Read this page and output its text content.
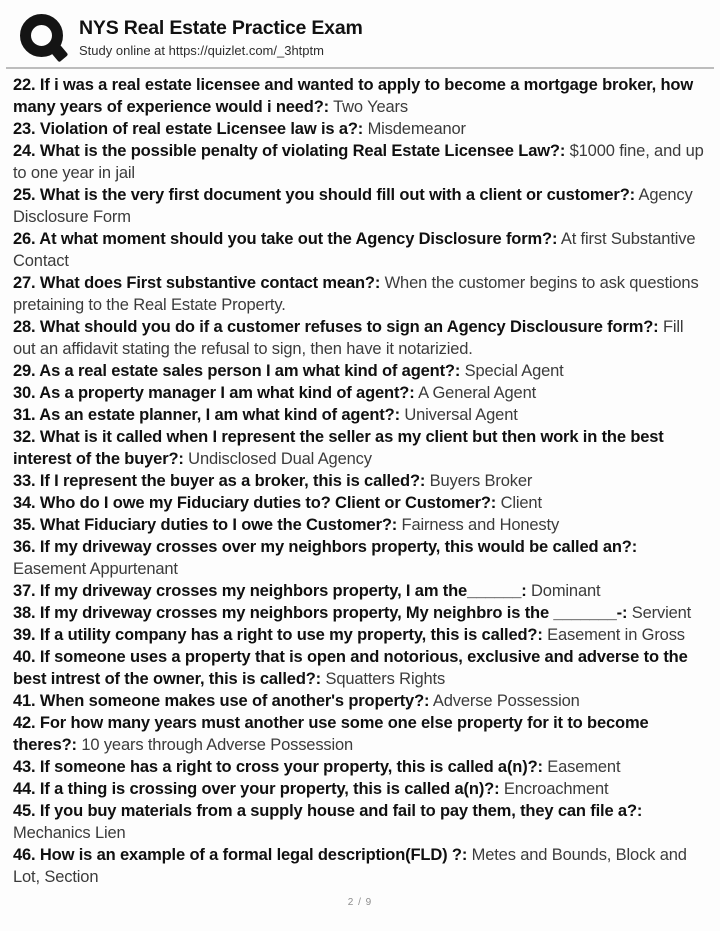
NYS Real Estate Practice Exam
Study online at https://quizlet.com/_3htptm
22. If i was a real estate licensee and wanted to apply to become a mortgage broker, how many years of experience would i need?: Two Years
23. Violation of real estate Licensee law is a?: Misdemeanor
24. What is the possible penalty of violating Real Estate Licensee Law?: $1000 fine, and up to one year in jail
25. What is the very first document you should fill out with a client or customer?: Agency Disclosure Form
26. At what moment should you take out the Agency Disclosure form?: At first Substantive Contact
27. What does First substantive contact mean?: When the customer begins to ask questions pretaining to the Real Estate Property.
28. What should you do if a customer refuses to sign an Agency Disclousure form?: Fill out an affidavit stating the refusal to sign, then have it notarizied.
29. As a real estate sales person I am what kind of agent?: Special Agent
30. As a property manager I am what kind of agent?: A General Agent
31. As an estate planner, I am what kind of agent?: Universal Agent
32. What is it called when I represent the seller as my client but then work in the best interest of the buyer?: Undisclosed Dual Agency
33. If I represent the buyer as a broker, this is called?: Buyers Broker
34. Who do I owe my Fiduciary duties to? Client or Customer?: Client
35. What Fiduciary duties to I owe the Customer?: Fairness and Honesty
36. If my driveway crosses over my neighbors property, this would be called an?: Easement Appurtenant
37. If my driveway crosses my neighbors property, I am the______: Dominant
38. If my driveway crosses my neighbors property, My neighbro is the _______-: Servient
39. If a utility company has a right to use my property, this is called?: Easement in Gross
40. If someone uses a property that is open and notorious, exclusive and adverse to the best intrest of the owner, this is called?: Squatters Rights
41. When someone makes use of another's property?: Adverse Possession
42. For how many years must another use some one else property for it to become theres?: 10 years through Adverse Possession
43. If someone has a right to cross your property, this is called a(n)?: Easement
44. If a thing is crossing over your property, this is called a(n)?: Encroachment
45. If you buy materials from a supply house and fail to pay them, they can file a?: Mechanics Lien
46. How is an example of a formal legal description(FLD) ?: Metes and Bounds, Block and Lot, Section
2 / 9
